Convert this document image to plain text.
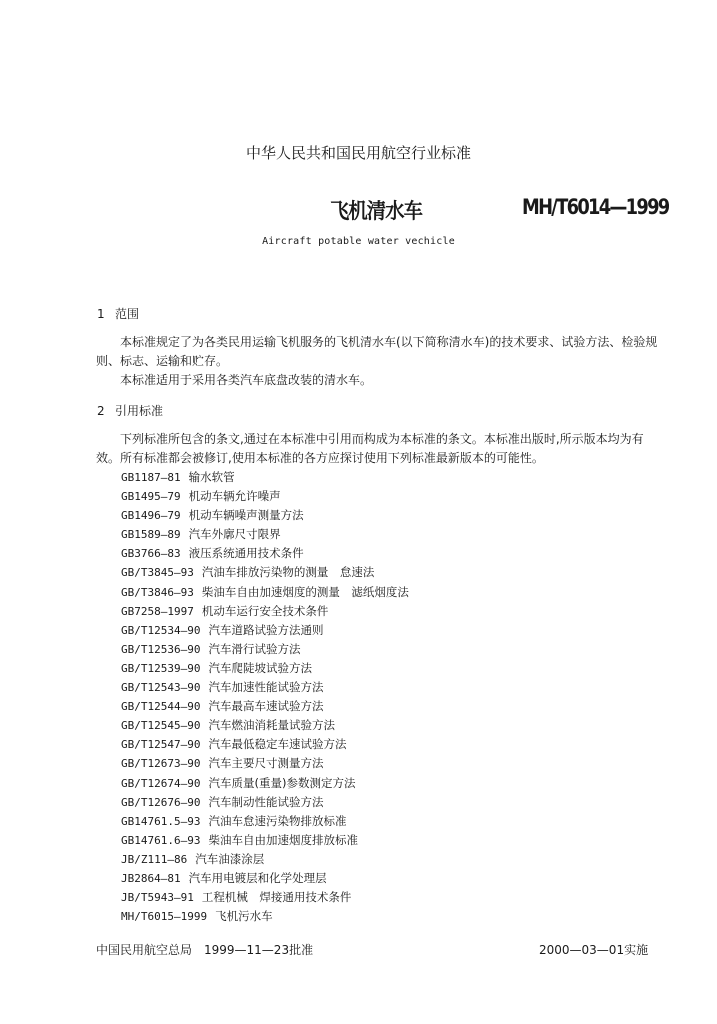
中华人民共和国民用航空行业标准
飞机清水车	MH/T6014—1999
Aircraft potable water vechicle
1 范围
本标准规定了为各类民用运输飞机服务的飞机清水车(以下简称清水车)的技术要求、试验方法、检验规则、标志、运输和贮存。
本标准适用于采用各类汽车底盘改装的清水车。
2 引用标准
下列标准所包含的条文,通过在本标准中引用而构成为本标准的条文。本标准出版时,所示版本均为有效。所有标准都会被修订,使用本标准的各方应探讨使用下列标准最新版本的可能性。
GB1187—81 输水软管
GB1495—79 机动车辆允许噪声
GB1496—79 机动车辆噪声测量方法
GB1589—89 汽车外廓尺寸限界
GB3766—83 液压系统通用技术条件
GB/T3845—93 汽油车排放污染物的测量　怠速法
GB/T3846—93 柴油车自由加速烟度的测量　滤纸烟度法
GB7258—1997 机动车运行安全技术条件
GB/T12534—90 汽车道路试验方法通则
GB/T12536—90 汽车滑行试验方法
GB/T12539—90 汽车爬陡坡试验方法
GB/T12543—90 汽车加速性能试验方法
GB/T12544—90 汽车最高车速试验方法
GB/T12545—90 汽车燃油消耗量试验方法
GB/T12547—90 汽车最低稳定车速试验方法
GB/T12673—90 汽车主要尺寸测量方法
GB/T12674—90 汽车质量(重量)参数测定方法
GB/T12676—90 汽车制动性能试验方法
GB14761.5—93 汽油车怠速污染物排放标准
GB14761.6—93 柴油车自由加速烟度排放标准
JB/Z111—86 汽车油漆涂层
JB2864—81 汽车用电镀层和化学处理层
JB/T5943—91 工程机械　焊接通用技术条件
MH/T6015—1999 飞机污水车
中国民用航空总局　1999—11—23批准	2000—03—01实施
